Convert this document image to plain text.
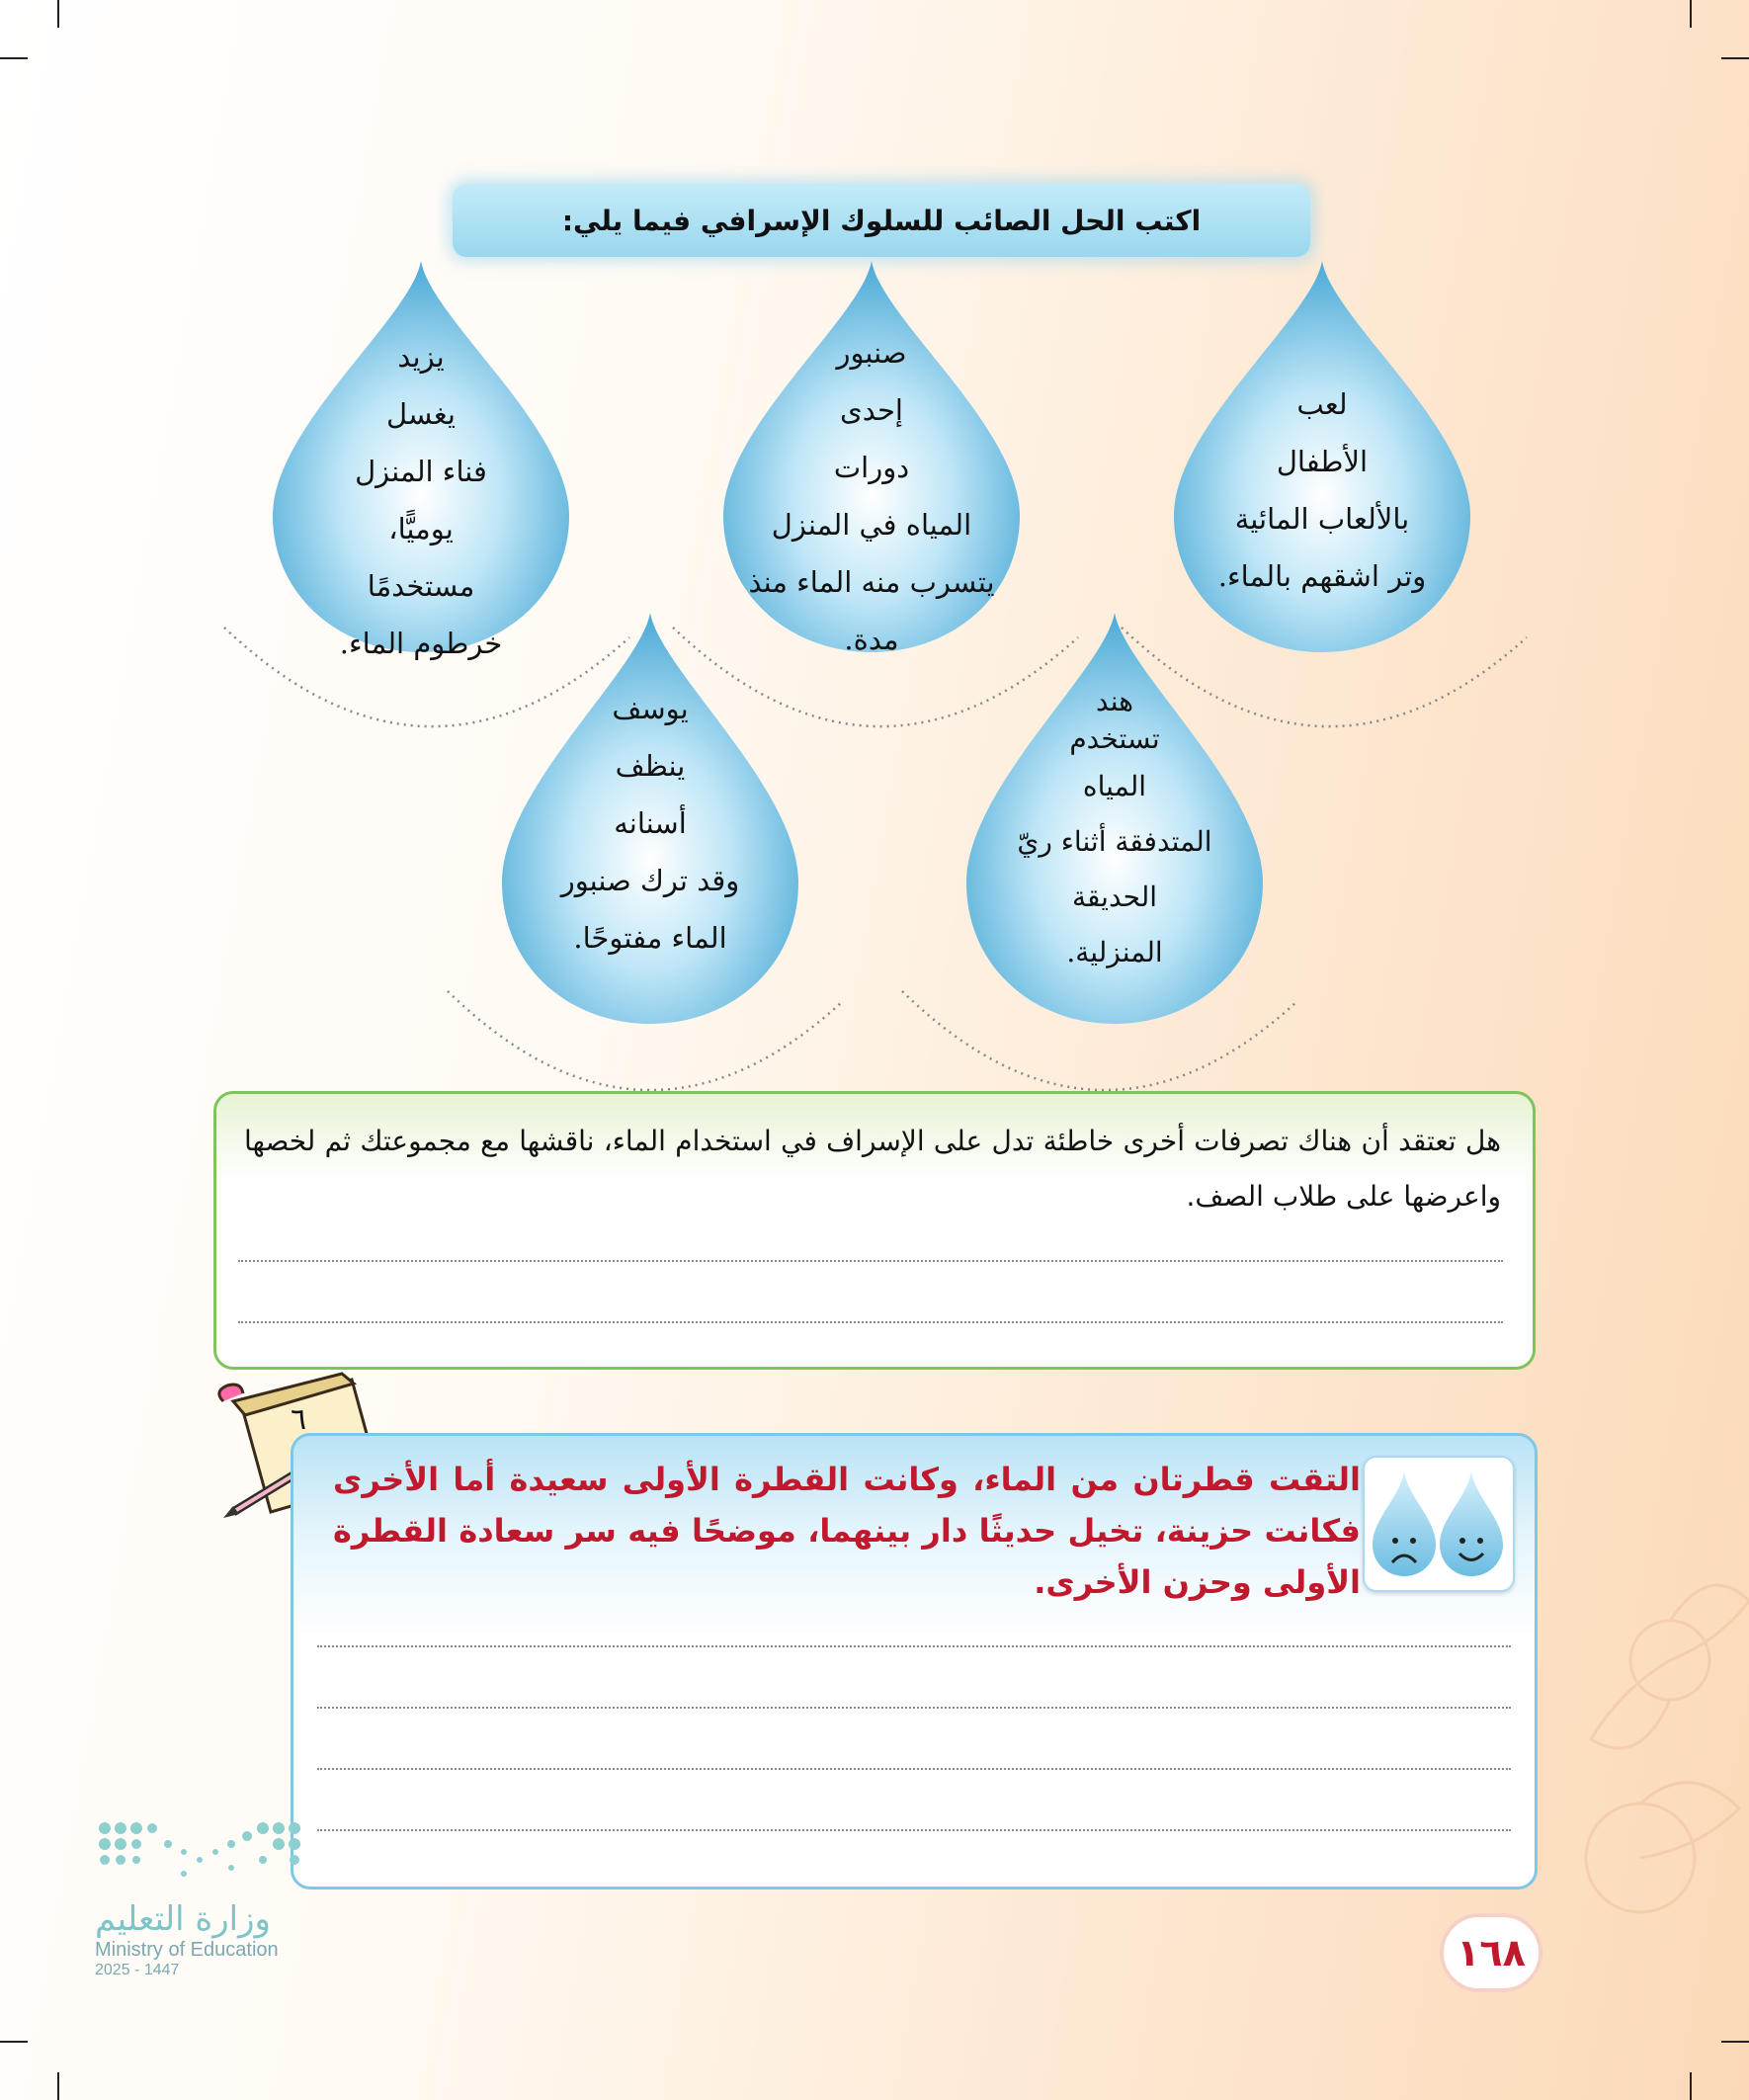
اكتب الحل الصائب للسلوك الإسرافي فيما يلي:
لعب
الأطفال
بالألعاب المائية
وتر اشقهم بالماء.
صنبور
إحدى
دورات
المياه في المنزل
يتسرب منه الماء منذ
مدة.
يزيد
يغسل
فناء المنزل
يوميًّا،
مستخدمًا
خرطوم الماء.
هند
تستخدم
المياه
المتدفقة أثناء ريّ
الحديقة
المنزلية.
يوسف
ينظف
أسنانه
وقد ترك صنبور
الماء مفتوحًا.
هل تعتقد أن هناك تصرفات أخرى خاطئة تدل على الإسراف في استخدام الماء، ناقشها مع مجموعتك ثم لخصها واعرضها على طلاب الصف.
٦
التقت قطرتان من الماء، وكانت القطرة الأولى سعيدة أما الأخرى فكانت حزينة، تخيل حديثًا دار بينهما، موضحًا فيه سر سعادة القطرة الأولى وحزن الأخرى.
وزارة التعليم
Ministry of Education
2025 - 1447	١٦٨
